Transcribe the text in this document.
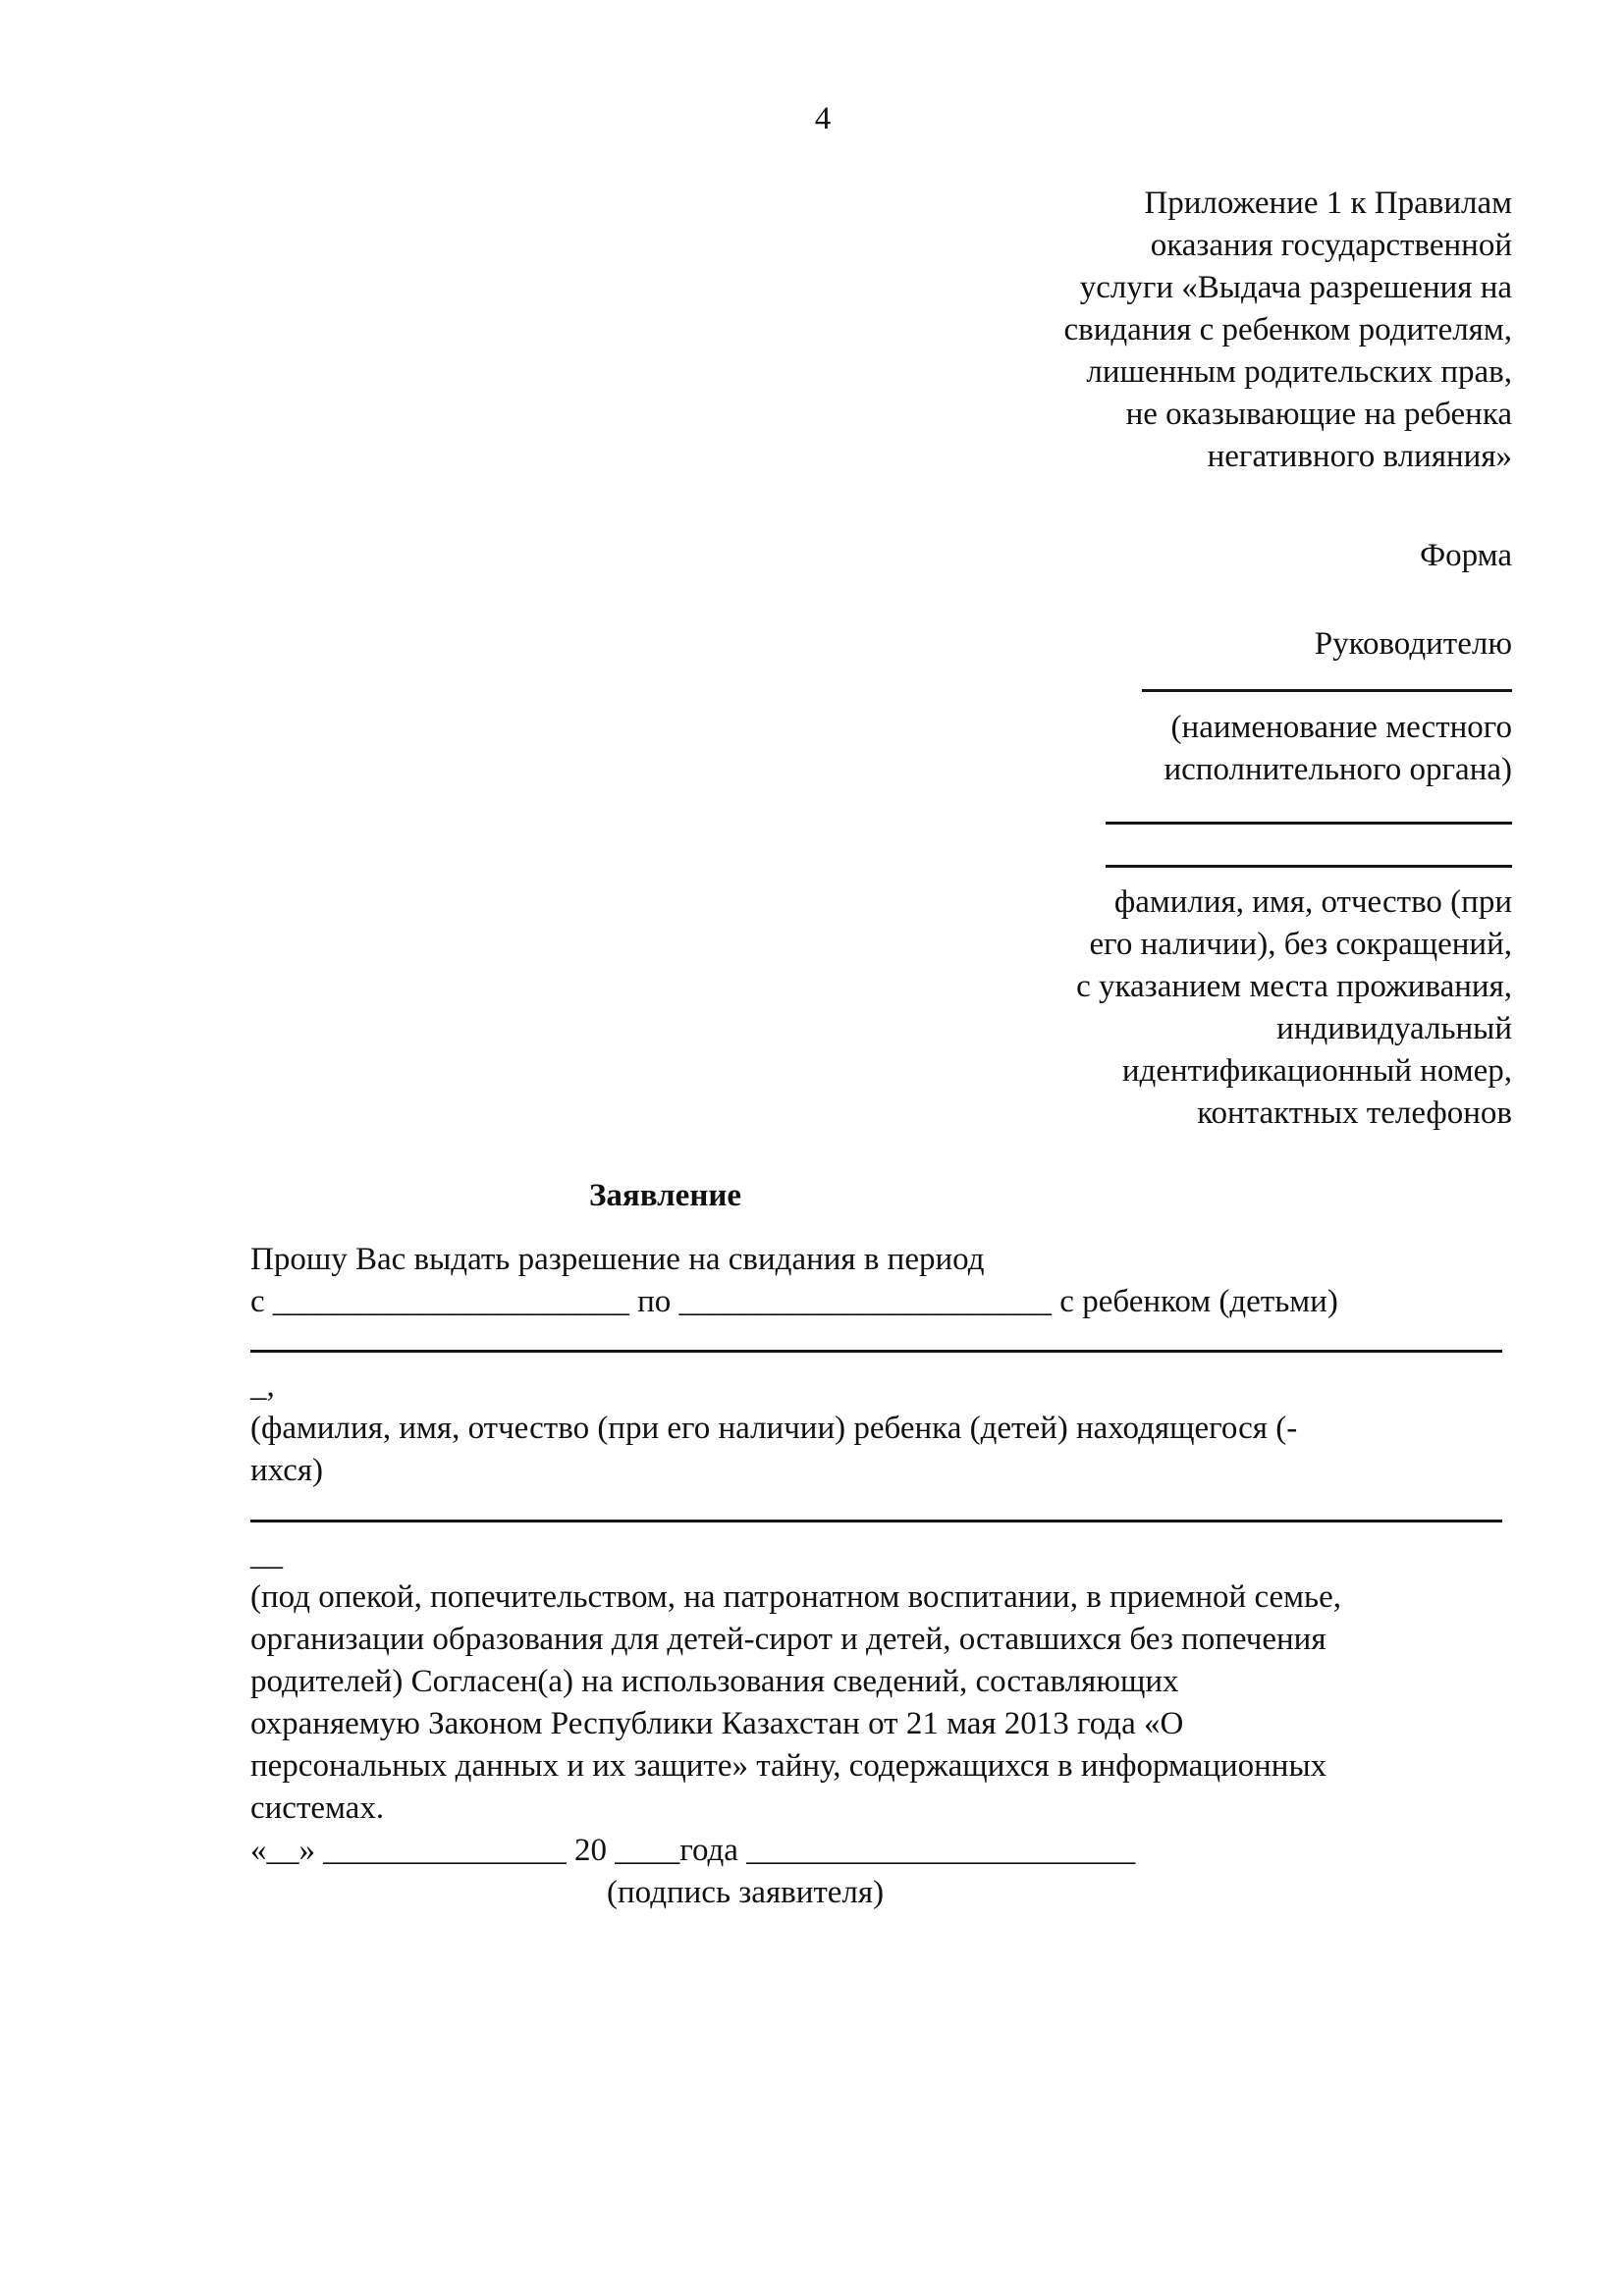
4
Приложение 1 к Правилам
оказания государственной
услуги «Выдача разрешения на
свидания с ребенком родителям,
лишенным родительских прав,
не оказывающие на ребенка
негативного влияния»
Форма
Руководителю
(наименование местного
исполнительного органа)
фамилия, имя, отчество (при
его наличии), без сокращений,
с указанием места проживания,
индивидуальный
идентификационный номер,
контактных телефонов
Заявление
Прошу Вас выдать разрешение на свидания в период
с ______________________ по _______________________ с ребенком (детьми)
_,
(фамилия, имя, отчество (при его наличии) ребенка (детей) находящегося (-
ихся)
__
(под опекой, попечительством, на патронатном воспитании, в приемной семье,
организации образования для детей-сирот и детей, оставшихся без попечения
родителей) Согласен(а) на использования сведений, составляющих
охраняемую Законом Республики Казахстан от 21 мая 2013 года «О
персональных данных и их защите» тайну, содержащихся в информационных
системах.
«__» _______________ 20 ____года ________________________
(подпись заявителя)
